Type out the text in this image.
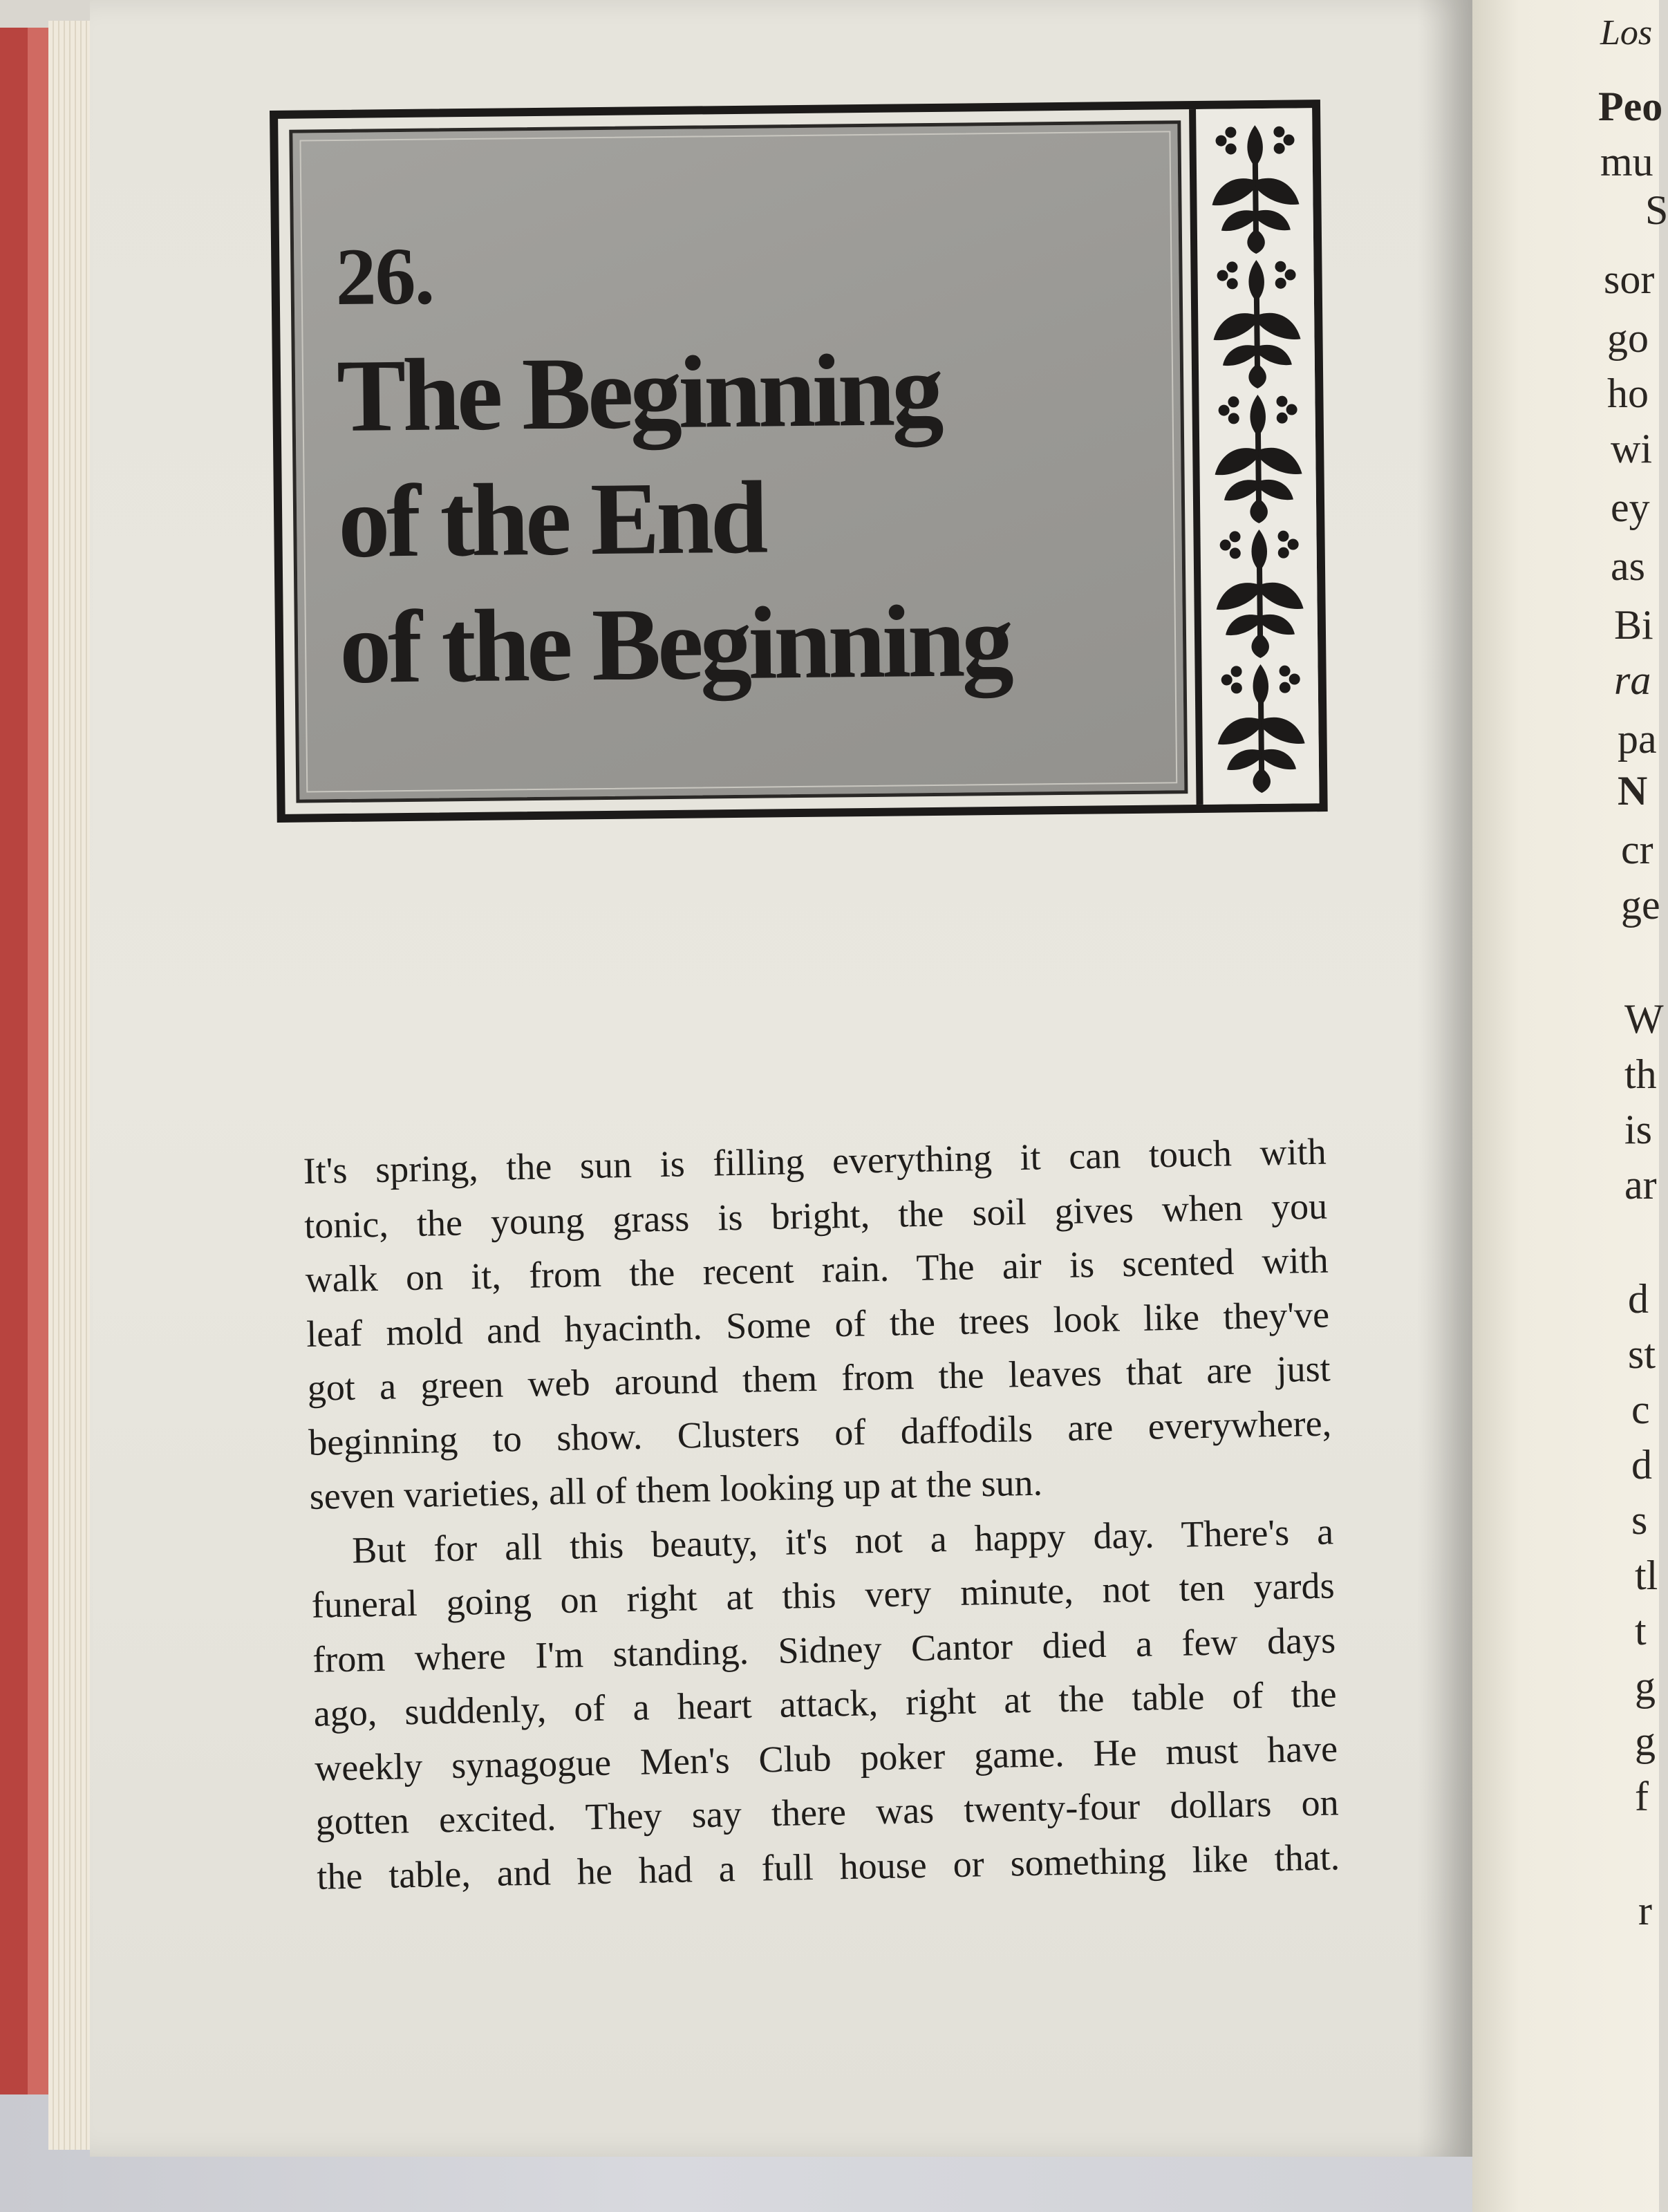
26.
The Beginning
of the End
of the Beginning
It's spring, the sun is filling everything it can touch with
tonic, the young grass is bright, the soil gives when you
walk on it, from the recent rain. The air is scented with
leaf mold and hyacinth. Some of the trees look like they've
got a green web around them from the leaves that are just
beginning to show. Clusters of daffodils are everywhere,
seven varieties, all of them looking up at the sun.
But for all this beauty, it's not a happy day. There's a
funeral going on right at this very minute, not ten yards
from where I'm standing. Sidney Cantor died a few days
ago, suddenly, of a heart attack, right at the table of the
weekly synagogue Men's Club poker game. He must have
gotten excited. They say there was twenty-four dollars on
the table, and he had a full house or something like that.
Los
Peo
mu
S
sor
go
ho
wi
ey
as
Bi
ra
pa
N
cr
ge
W
th
is
ar
d
st
c
d
s
tl
t
g
g
f
r
